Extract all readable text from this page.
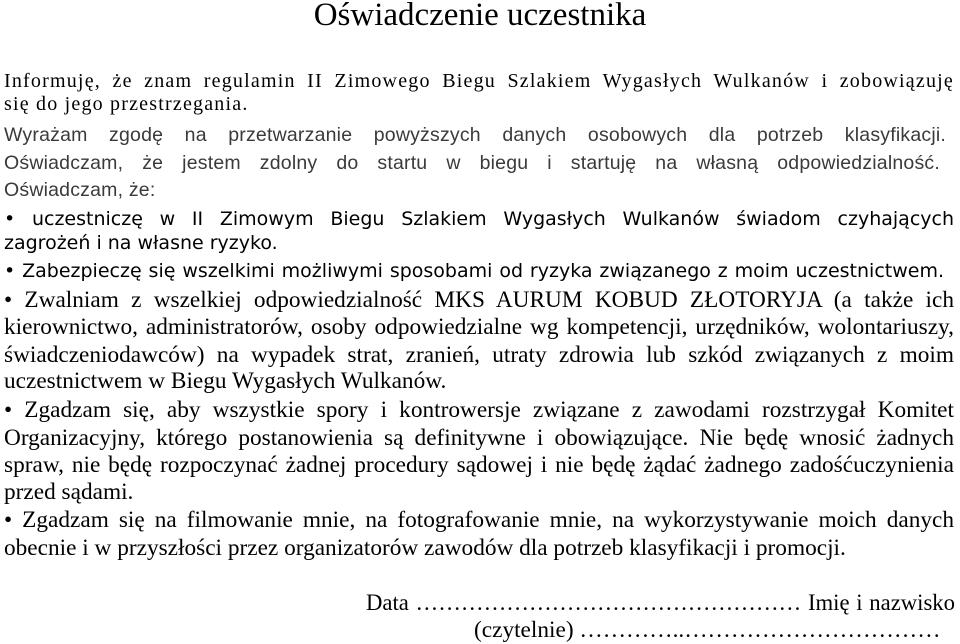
Oświadczenie uczestnika
Informuję, że znam regulamin II Zimowego Biegu Szlakiem Wygasłych Wulkanów i zobowiązuję
się do jego przestrzegania.
Wyrażam zgodę na przetwarzanie powyższych danych osobowych dla potrzeb klasyfikacji.
Oświadczam, że jestem zdolny do startu w biegu i startuję na własną odpowiedzialność.
Oświadczam, że:
• uczestniczę w II Zimowym Biegu Szlakiem Wygasłych Wulkanów świadom czyhających
zagrożeń i na własne ryzyko.
• Zabezpieczę się wszelkimi możliwymi sposobami od ryzyka związanego z moim uczestnictwem.
• Zwalniam z wszelkiej odpowiedzialność MKS AURUM KOBUD ZŁOTORYJA (a także ich
kierownictwo, administratorów, osoby odpowiedzialne wg kompetencji, urzędników, wolontariuszy,
świadczeniodawców) na wypadek strat, zranień, utraty zdrowia lub szkód związanych z moim
uczestnictwem w Biegu Wygasłych Wulkanów.
• Zgadzam się, aby wszystkie spory i kontrowersje związane z zawodami rozstrzygał Komitet
Organizacyjny, którego postanowienia są definitywne i obowiązujące. Nie będę wnosić żadnych
spraw, nie będę rozpoczynać żadnej procedury sądowej i nie będę żądać żadnego zadośćuczynienia
przed sądami.
• Zgadzam się na filmowanie mnie, na fotografowanie mnie, na wykorzystywanie moich danych
obecnie i w przyszłości przez organizatorów zawodów dla potrzeb klasyfikacji i promocji.
Data …………………………………………… Imię i nazwisko
(czytelnie) …………..……………………………
